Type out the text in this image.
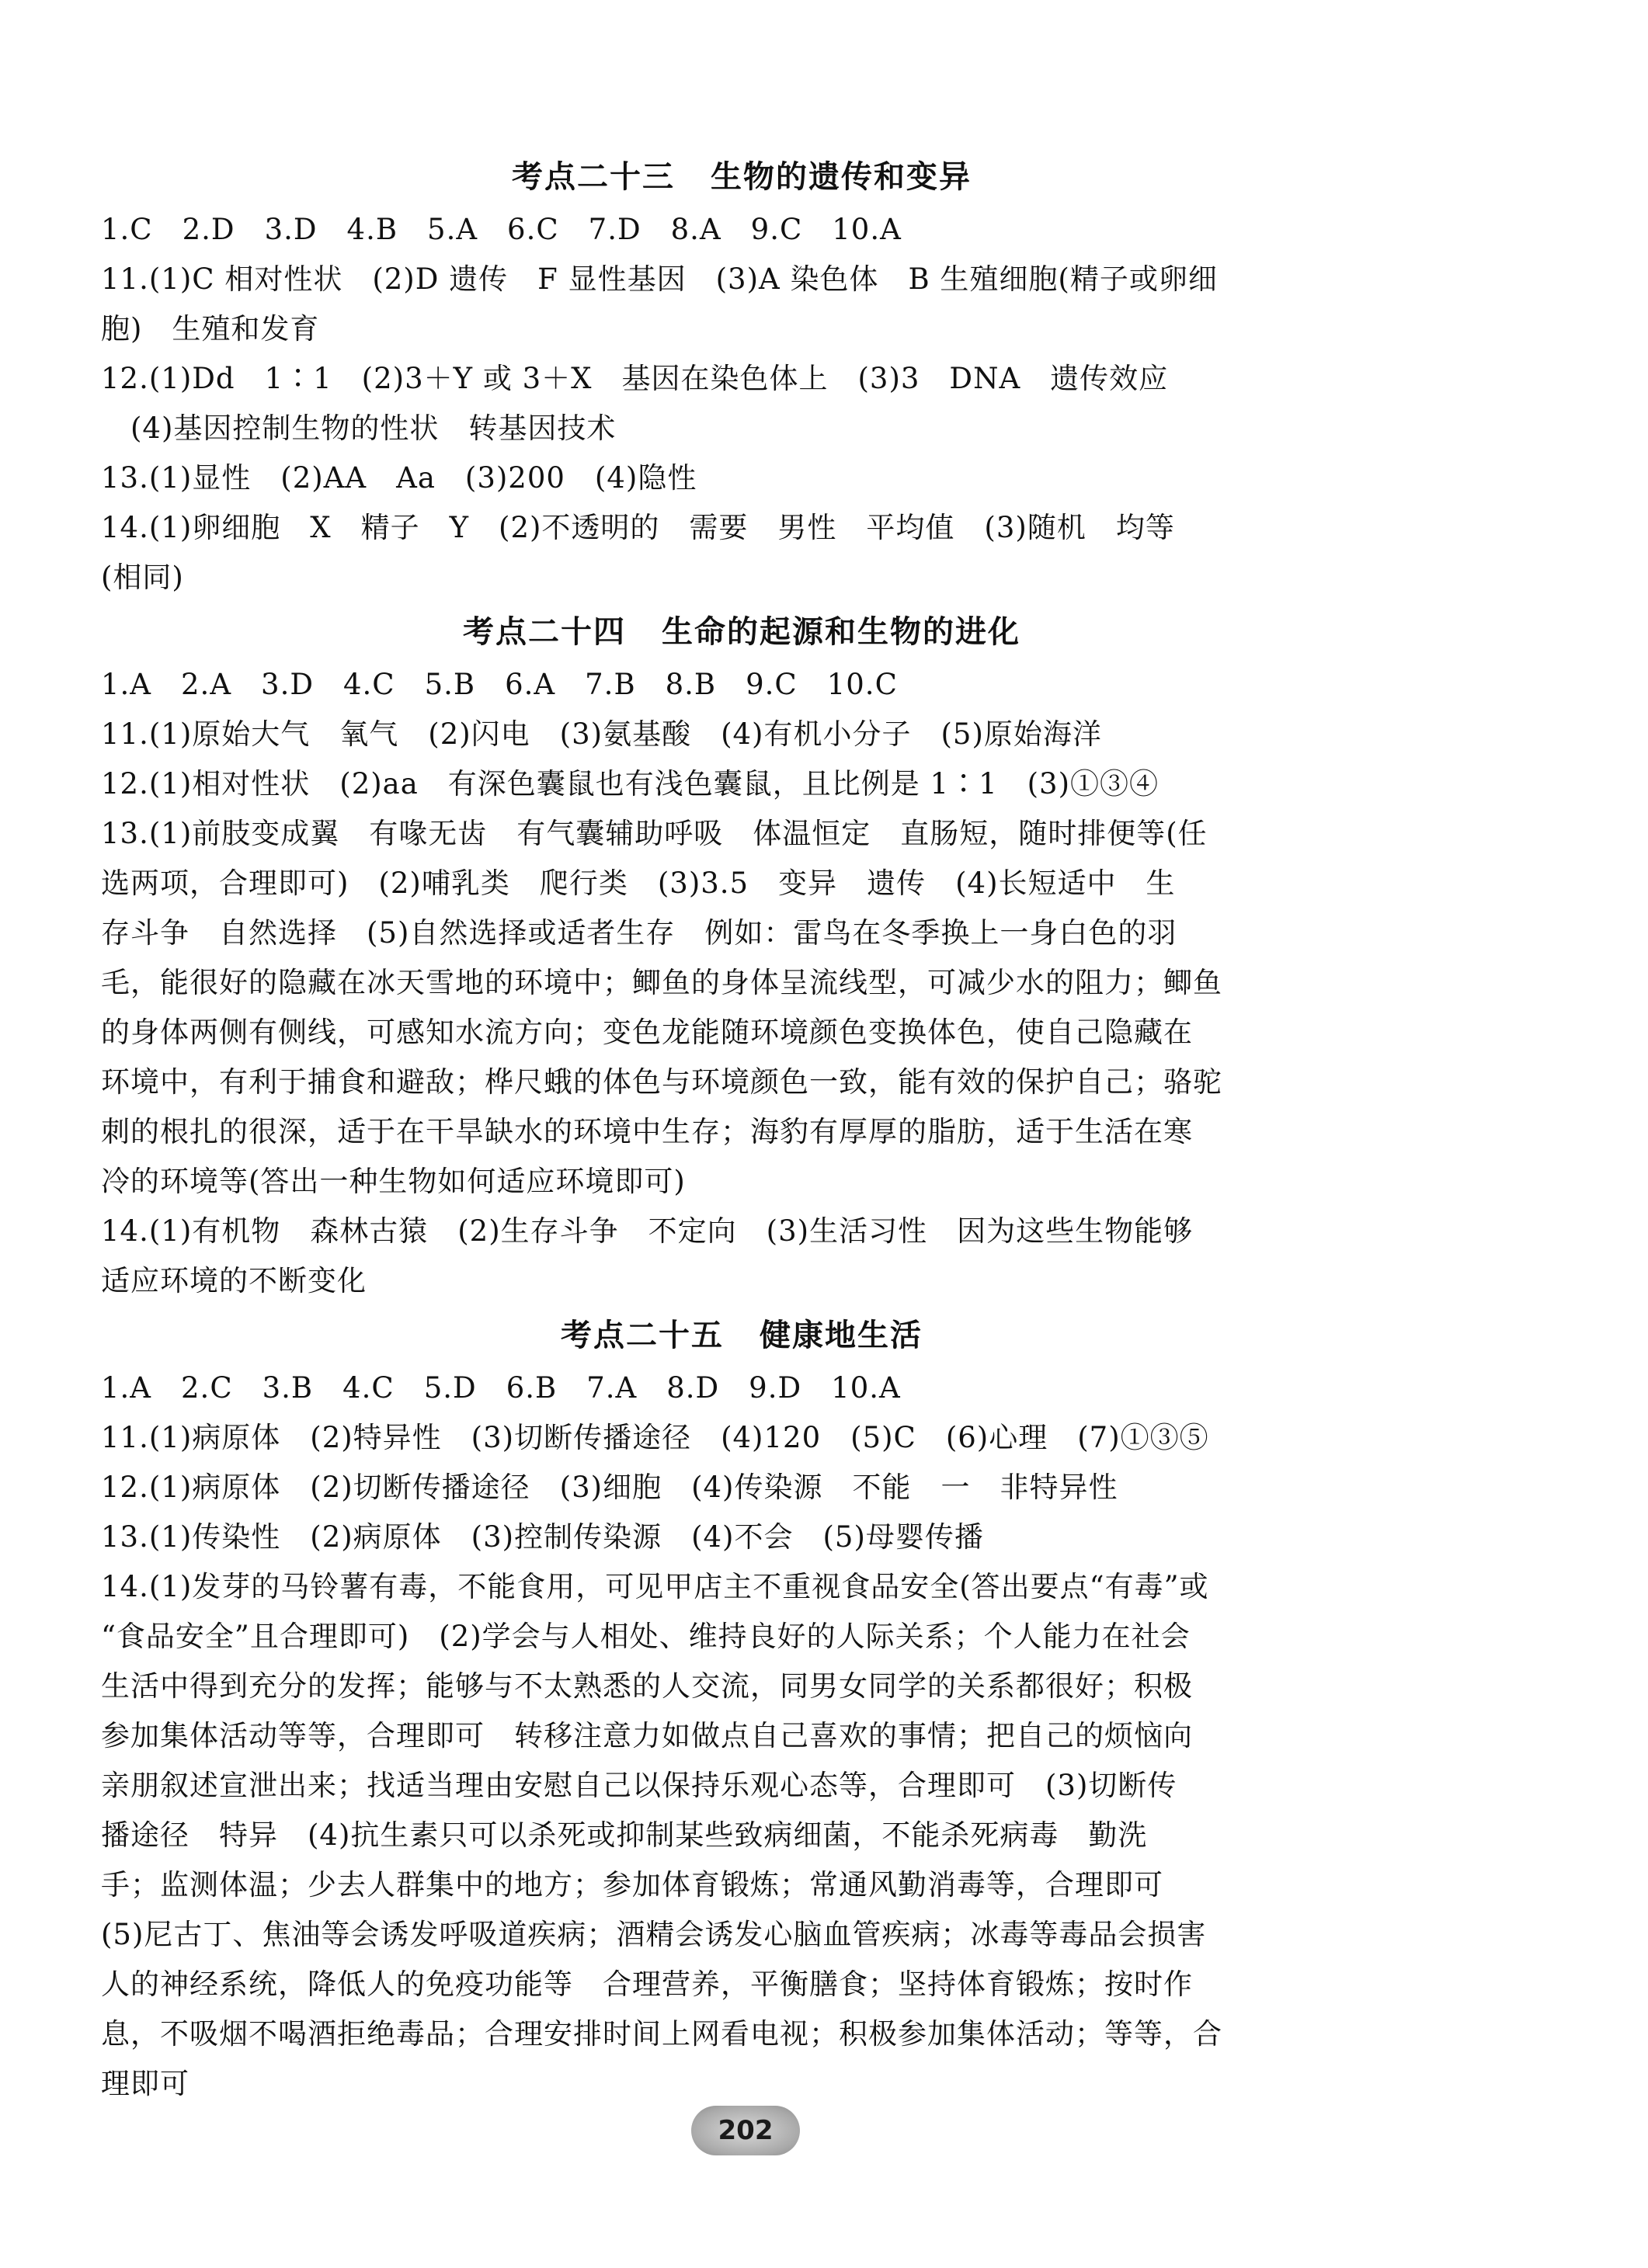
考点二十三 生物的遗传和变异
1.C　2.D　3.D　4.B　5.A　6.C　7.D　8.A　9.C　10.A
11.(1)C 相对性状　(2)D 遗传　F 显性基因　(3)A 染色体　B 生殖细胞(精子或卵细
胞)　生殖和发育
12.(1)Dd　1∶1　(2)3＋Y 或 3＋X　基因在染色体上　(3)3　DNA　遗传效应
　(4)基因控制生物的性状　转基因技术
13.(1)显性　(2)AA　Aa　(3)200　(4)隐性
14.(1)卵细胞　X　精子　Y　(2)不透明的　需要　男性　平均值　(3)随机　均等
(相同)
考点二十四 生命的起源和生物的进化
1.A　2.A　3.D　4.C　5.B　6.A　7.B　8.B　9.C　10.C
11.(1)原始大气　氧气　(2)闪电　(3)氨基酸　(4)有机小分子　(5)原始海洋
12.(1)相对性状　(2)aa　有深色囊鼠也有浅色囊鼠，且比例是 1∶1　(3)①③④
13.(1)前肢变成翼　有喙无齿　有气囊辅助呼吸　体温恒定　直肠短，随时排便等(任
选两项，合理即可)　(2)哺乳类　爬行类　(3)3.5　变异　遗传　(4)长短适中　生
存斗争　自然选择　(5)自然选择或适者生存　例如：雷鸟在冬季换上一身白色的羽
毛，能很好的隐藏在冰天雪地的环境中；鲫鱼的身体呈流线型，可减少水的阻力；鲫鱼
的身体两侧有侧线，可感知水流方向；变色龙能随环境颜色变换体色，使自己隐藏在
环境中，有利于捕食和避敌；桦尺蛾的体色与环境颜色一致，能有效的保护自己；骆驼
刺的根扎的很深，适于在干旱缺水的环境中生存；海豹有厚厚的脂肪，适于生活在寒
冷的环境等(答出一种生物如何适应环境即可)
14.(1)有机物　森林古猿　(2)生存斗争　不定向　(3)生活习性　因为这些生物能够
适应环境的不断变化
考点二十五 健康地生活
1.A　2.C　3.B　4.C　5.D　6.B　7.A　8.D　9.D　10.A
11.(1)病原体　(2)特异性　(3)切断传播途径　(4)120　(5)C　(6)心理　(7)①③⑤
12.(1)病原体　(2)切断传播途径　(3)细胞　(4)传染源　不能　一　非特异性
13.(1)传染性　(2)病原体　(3)控制传染源　(4)不会　(5)母婴传播
14.(1)发芽的马铃薯有毒，不能食用，可见甲店主不重视食品安全(答出要点“有毒”或
“食品安全”且合理即可)　(2)学会与人相处、维持良好的人际关系；个人能力在社会
生活中得到充分的发挥；能够与不太熟悉的人交流，同男女同学的关系都很好；积极
参加集体活动等等，合理即可　转移注意力如做点自己喜欢的事情；把自己的烦恼向
亲朋叙述宣泄出来；找适当理由安慰自己以保持乐观心态等，合理即可　(3)切断传
播途径　特异　(4)抗生素只可以杀死或抑制某些致病细菌，不能杀死病毒　勤洗
手；监测体温；少去人群集中的地方；参加体育锻炼；常通风勤消毒等，合理即可
(5)尼古丁、焦油等会诱发呼吸道疾病；酒精会诱发心脑血管疾病；冰毒等毒品会损害
人的神经系统，降低人的免疫功能等　合理营养，平衡膳食；坚持体育锻炼；按时作
息，不吸烟不喝酒拒绝毒品；合理安排时间上网看电视；积极参加集体活动；等等，合
理即可
202
